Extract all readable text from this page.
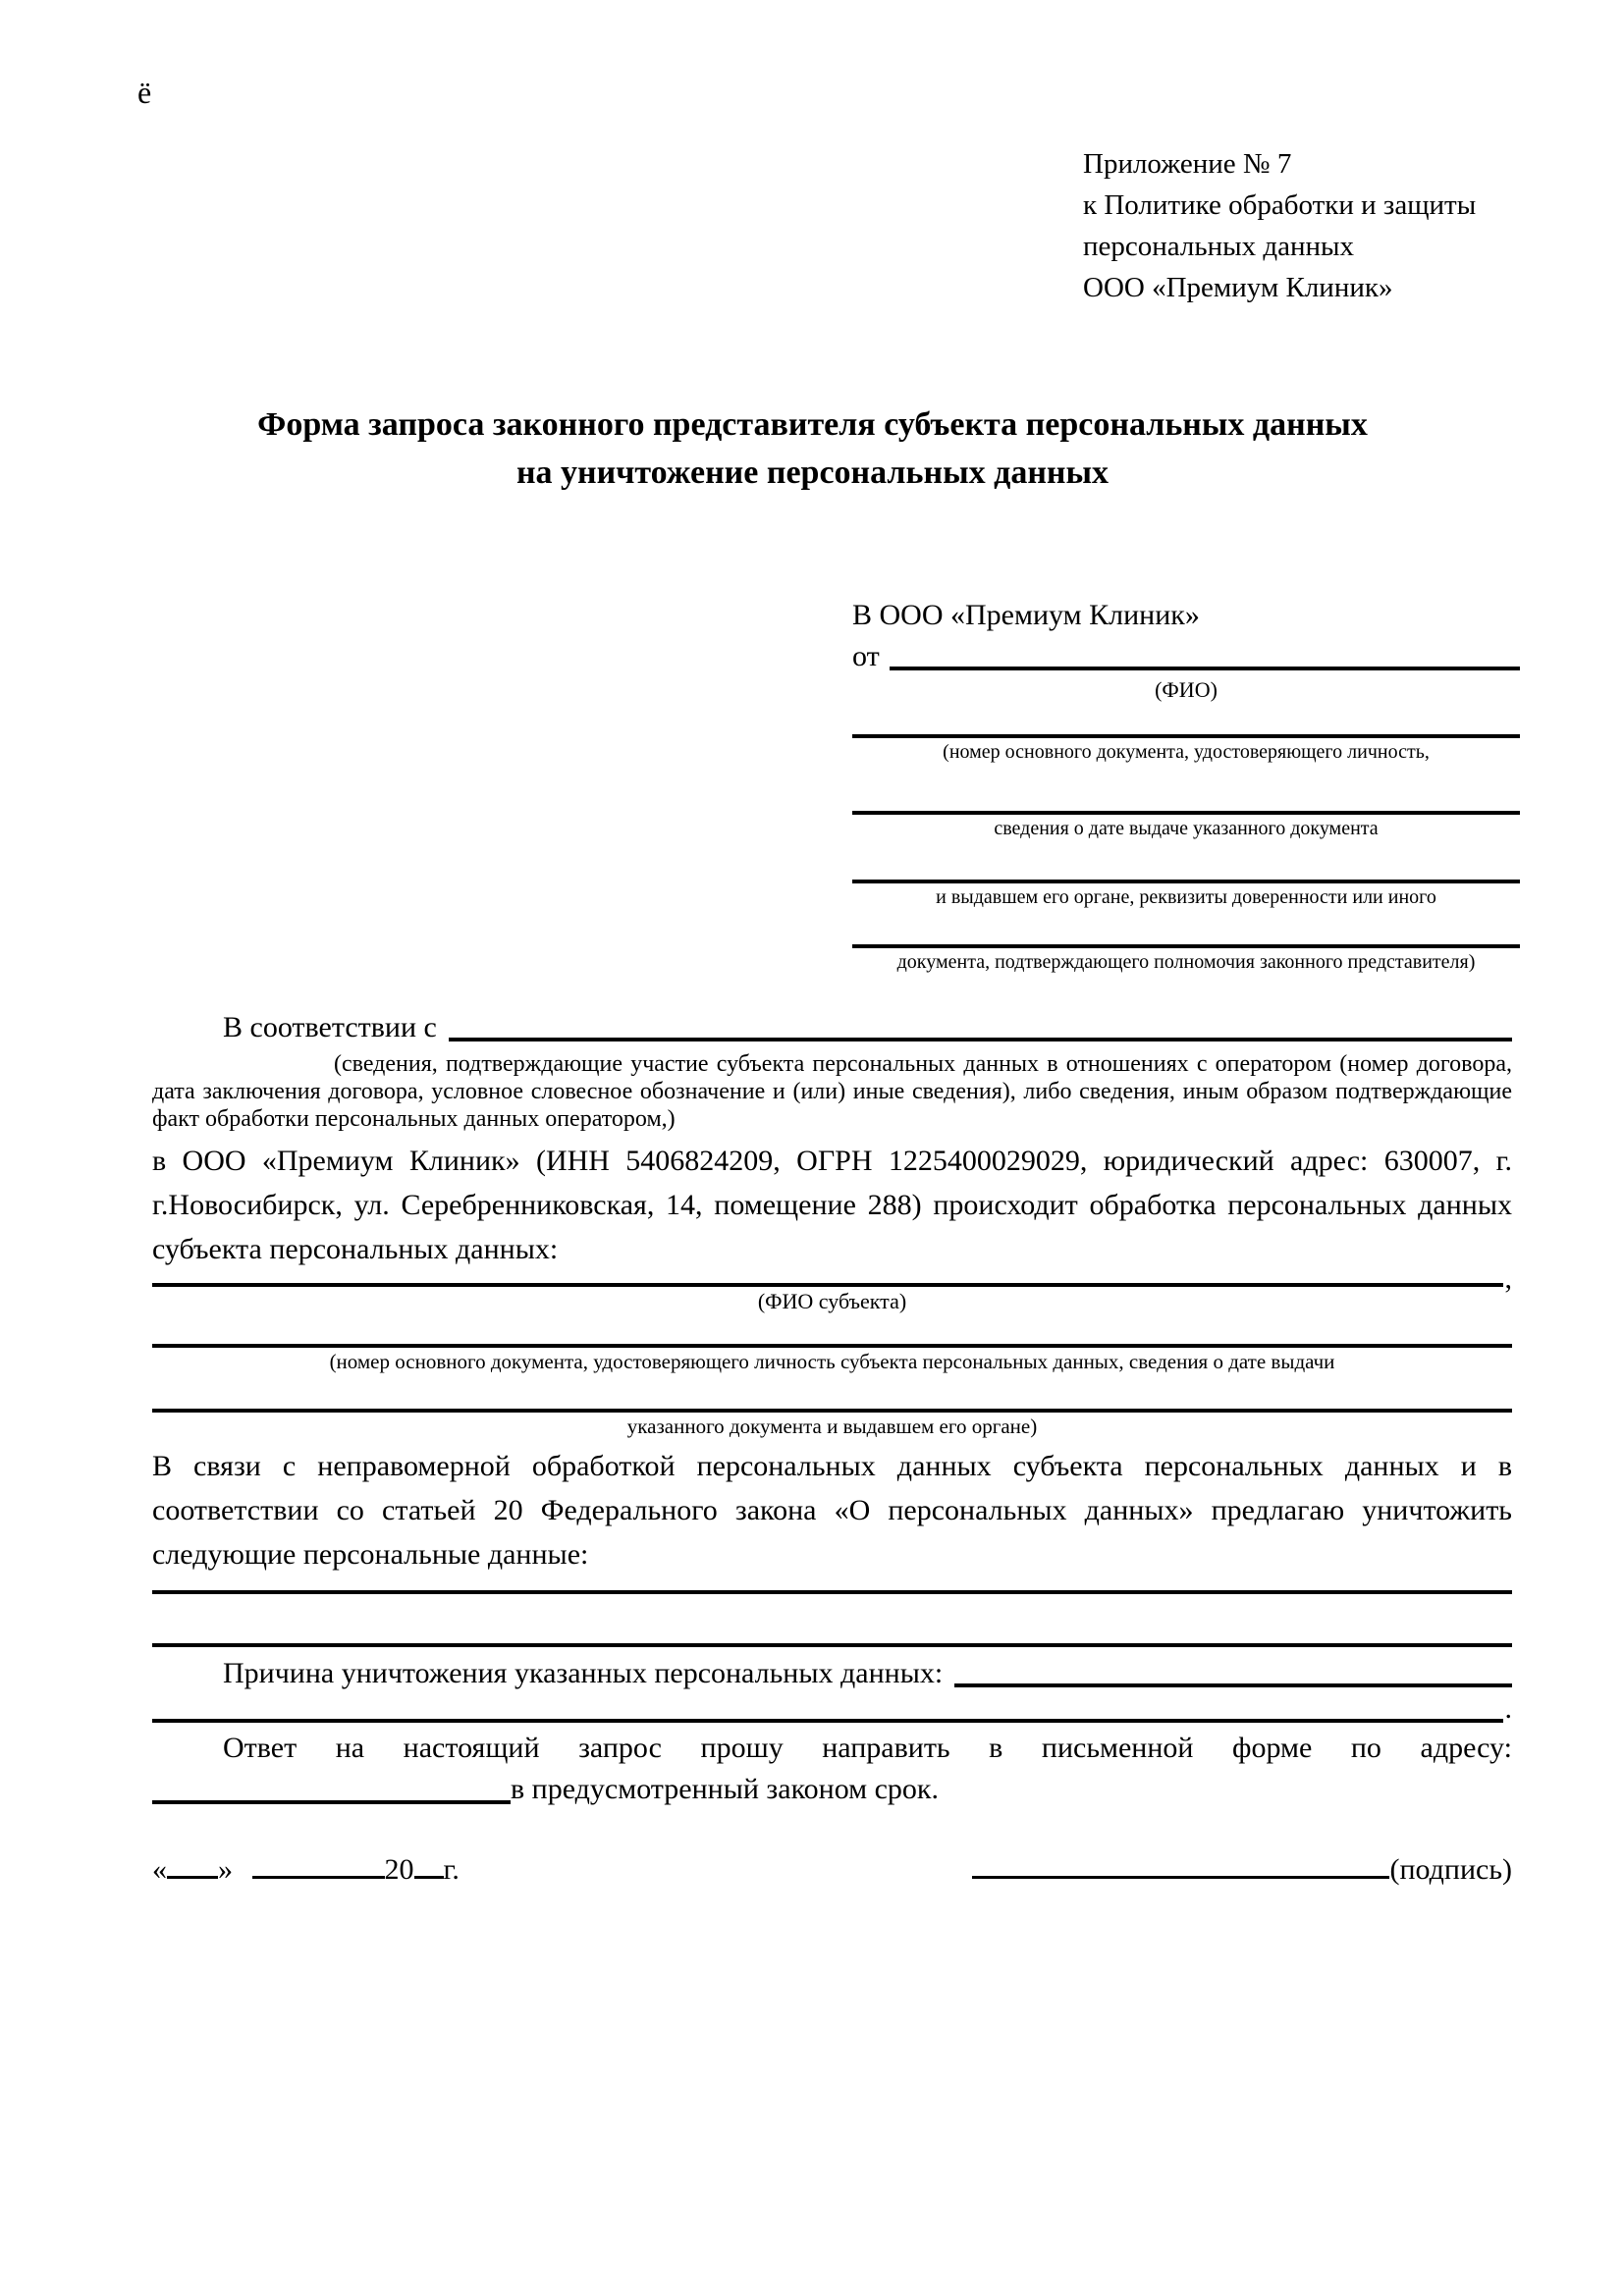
ё
Приложение № 7
к Политике обработки и защиты
персональных данных
ООО «Премиум Клиник»
Форма запроса законного представителя субъекта персональных данных
на уничтожение персональных данных
В ООО «Премиум Клиник»
от
(ФИО)
(номер основного документа, удостоверяющего личность,
сведения о дате выдаче указанного документа
и выдавшем его органе, реквизиты доверенности или иного
документа, подтверждающего полномочия законного представителя)
В соответствии с
(сведения, подтверждающие участие субъекта персональных данных в отношениях с оператором (номер договора, дата заключения договора, условное словесное обозначение и (или) иные сведения), либо сведения, иным образом подтверждающие факт обработки персональных данных оператором,)

в ООО «Премиум Клиник» (ИНН 5406824209, ОГРН 1225400029029, юридический адрес: 630007, г. г.Новосибирск, ул. Серебренниковская, 14, помещение 288) происходит обработка персональных данных субъекта персональных данных:

,
(ФИО субъекта)
(номер основного документа, удостоверяющего личность субъекта персональных данных, сведения о дате выдачи
указанного документа и выдавшем его органе)

В связи с неправомерной обработкой персональных данных субъекта персональных данных и в соответствии со статьей 20 Федерального закона «О персональных данных» предлагаю уничтожить следующие персональные данные:

Причина уничтожения указанных персональных данных:
.

Ответ на настоящий запрос прошу направить в письменной форме по адресу:

в предусмотренный законом срок.
« »	20 г.	(подпись)
